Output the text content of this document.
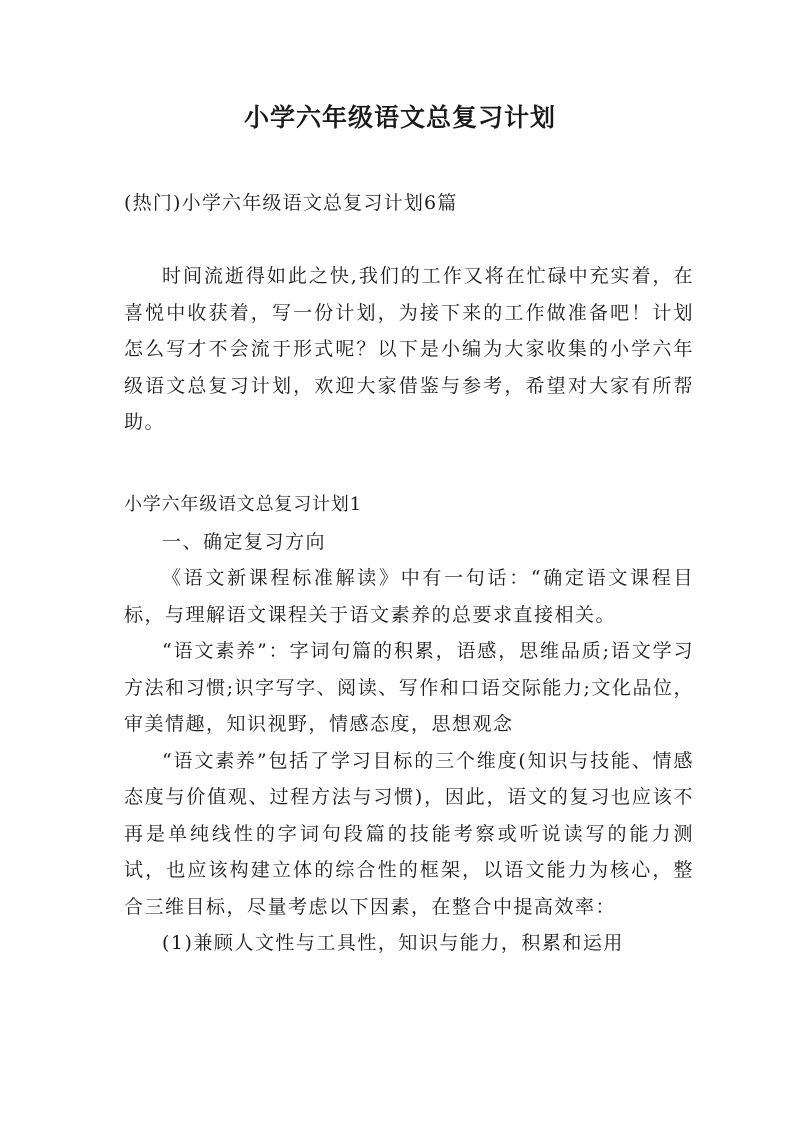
小学六年级语文总复习计划
(热门)小学六年级语文总复习计划6篇

时间流逝得如此之快,我们的工作又将在忙碌中充实着，在喜悦中收获着，写一份计划，为接下来的工作做准备吧！计划怎么写才不会流于形式呢？以下是小编为大家收集的小学六年级语文总复习计划，欢迎大家借鉴与参考，希望对大家有所帮助。

小学六年级语文总复习计划1
一、确定复习方向

《语文新课程标准解读》中有一句话：“确定语文课程目标，与理解语文课程关于语文素养的总要求直接相关。

“语文素养”：字词句篇的积累，语感，思维品质;语文学习方法和习惯;识字写字、阅读、写作和口语交际能力;文化品位，审美情趣，知识视野，情感态度，思想观念

“语文素养”包括了学习目标的三个维度(知识与技能、情感态度与价值观、过程方法与习惯)，因此，语文的复习也应该不再是单纯线性的字词句段篇的技能考察或听说读写的能力测试，也应该构建立体的综合性的框架，以语文能力为核心，整合三维目标，尽量考虑以下因素，在整合中提高效率：

(1)兼顾人文性与工具性，知识与能力，积累和运用
